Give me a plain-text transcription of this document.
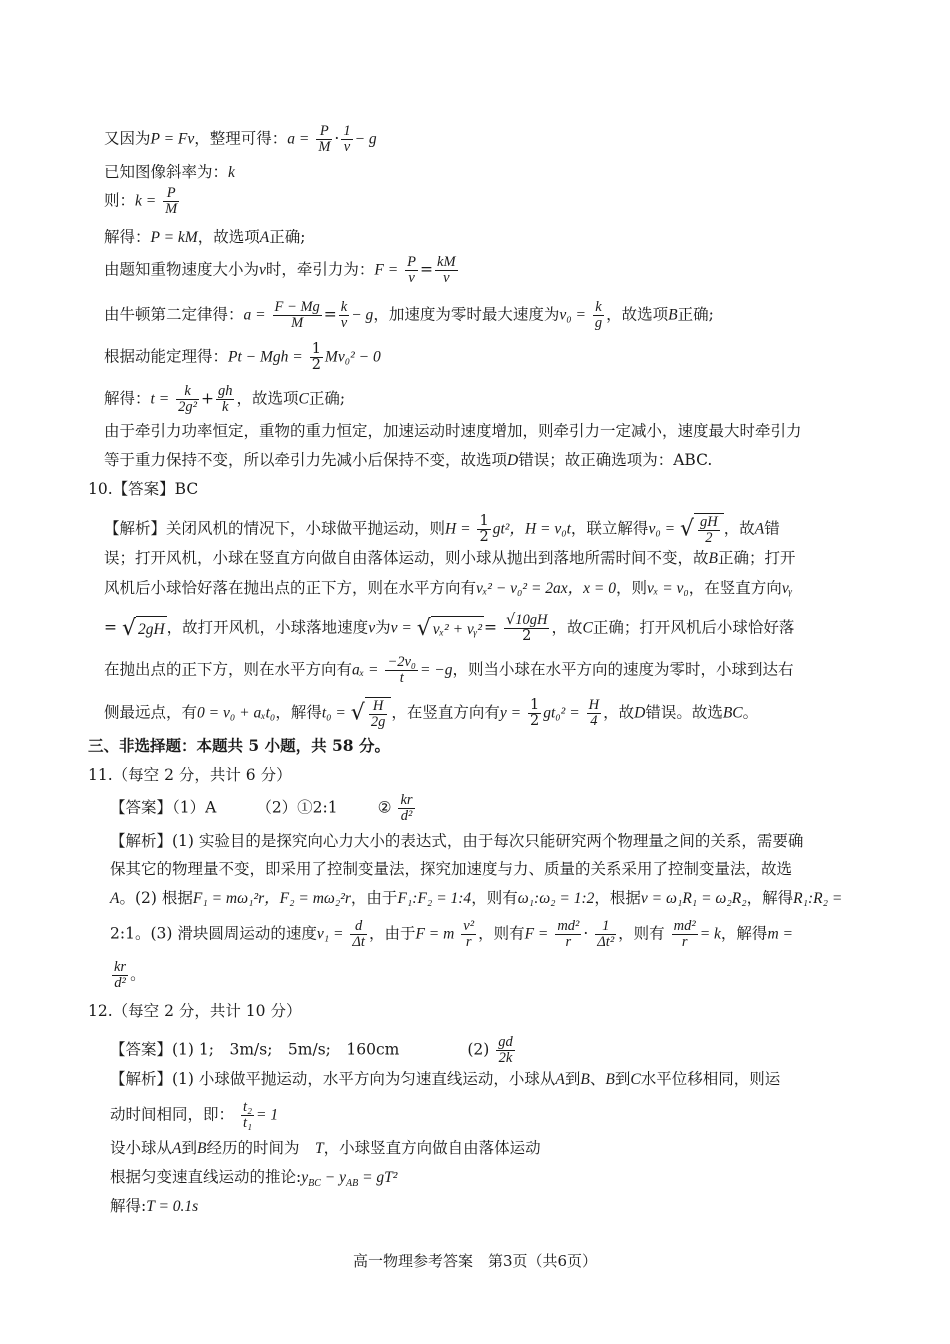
又因为P = Fv，整理可得：$a = \frac{P}{M} \cdot \frac{1}{v} - g$
已知图像斜率为：k
则：$k = \frac{P}{M}$
解得：P = kM，故选项A正确;
由题知重物速度大小为v时，牵引力为：$F = \frac{P}{v} = \frac{kM}{v}$
由牛顿第二定律得：$a = \frac{F - Mg}{M} = \frac{k}{v} - g$，加速度为零时最大速度为$v_0 = \frac{k}{g}$ ，故选项B正确;
根据动能定理得：Pt − Mgh = $\frac{1}{2} Mv_0^2 - 0$
解得：$t = \frac{k}{\text{2g²}} + \frac{gh}{k}$ ，故选项C正确;
由于牵引力功率恒定，重物的重力恒定，加速运动时速度增加，则牵引力一定减小，速度最大时牵引力
等于重力保持不变，所以牵引力先减小后保持不变，故选项D错误；故正确选项为：ABC.
10.【答案】BC
【解析】关闭风机的情况下，小球做平抛运动，则$H = \frac{1}{2} gt^2$，H = v₀t，联立解得v₀ = √ $\frac{gH}{2}$ ，故A错
误；打开风机，小球在竖直方向做自由落体运动，则小球从抛出到落地所需时间不变，故B正确；打开
风机后小球恰好落在抛出点的正下方，则在水平方向有vₓ² − v₀² = 2ax，x = 0，则vₓ = v₀，在竖直方向vᵧ
= √ 2gH ，故打开风机，小球落地速度v为v = √ vₓ² + vᵧ² = $\frac{√10gH}{2}$ ，故C正确；打开风机后小球恰好落
在抛出点的正下方，则在水平方向有$a_x = \frac{\text{−2v₀}}{t} = -g$，则当小球在水平方向的速度为零时，小球到达右
侧最远点，有0 = v₀ + aₓt₀，解得t₀ = √ $\frac{H}{2g}$ ，在竖直方向有$y = \frac{1}{2} gt_0^2 = \frac{H}{4}$ ，故D错误。故选BC。
三、非选择题：本题共 5 小题，共 58 分。
11.（每空 2 分，共计 6 分）
【答案】（1）A	（2）①2:1	② $\frac{kr}{\text{d²}}$
【解析】(1) 实验目的是探究向心力大小的表达式，由于每次只能研究两个物理量之间的关系，需要确
保其它的物理量不变，即采用了控制变量法，探究加速度与力、质量的关系采用了控制变量法，故选
A。(2) 根据F₁ = mω₁²r，F₂ = mω₂²r，由于F₁:F₂ = 1:4，则有ω₁:ω₂ = 1:2，根据v = ω₁R₁ = ω₂R₂，解得R₁:R₂ =
2:1。(3) 滑块圆周运动的速度$v_1 = \frac{d}{\Delta t}$ ，由于F = m $\frac{\text{v²}}{r}$ ，则有$F = \frac{\text{md²}}{r} \cdot \frac{1}{\text{Δt²}}$ ，则有 $\frac{\text{md²}}{r} = k$，解得m =
$\frac{kr}{\text{d²}}$ 。
12.（每空 2 分，共计 10 分）
【答案】(1) 1;　3m/s;　5m/s;　160cm	$(2) \frac{gd}{2k}$
【解析】(1) 小球做平抛运动，水平方向为匀速直线运动，小球从A到B、B到C水平位移相同，则运
动时间相同，即： $\frac{\text{t₂}}{\text{t₁}} = 1$
设小球从A到B经历的时间为　T，小球竖直方向做自由落体运动
根据匀变速直线运动的推论$:y_{BC} - y_{AB} = gT^2$
解得:T = 0.1s
高一物理参考答案　第3页（共6页）
